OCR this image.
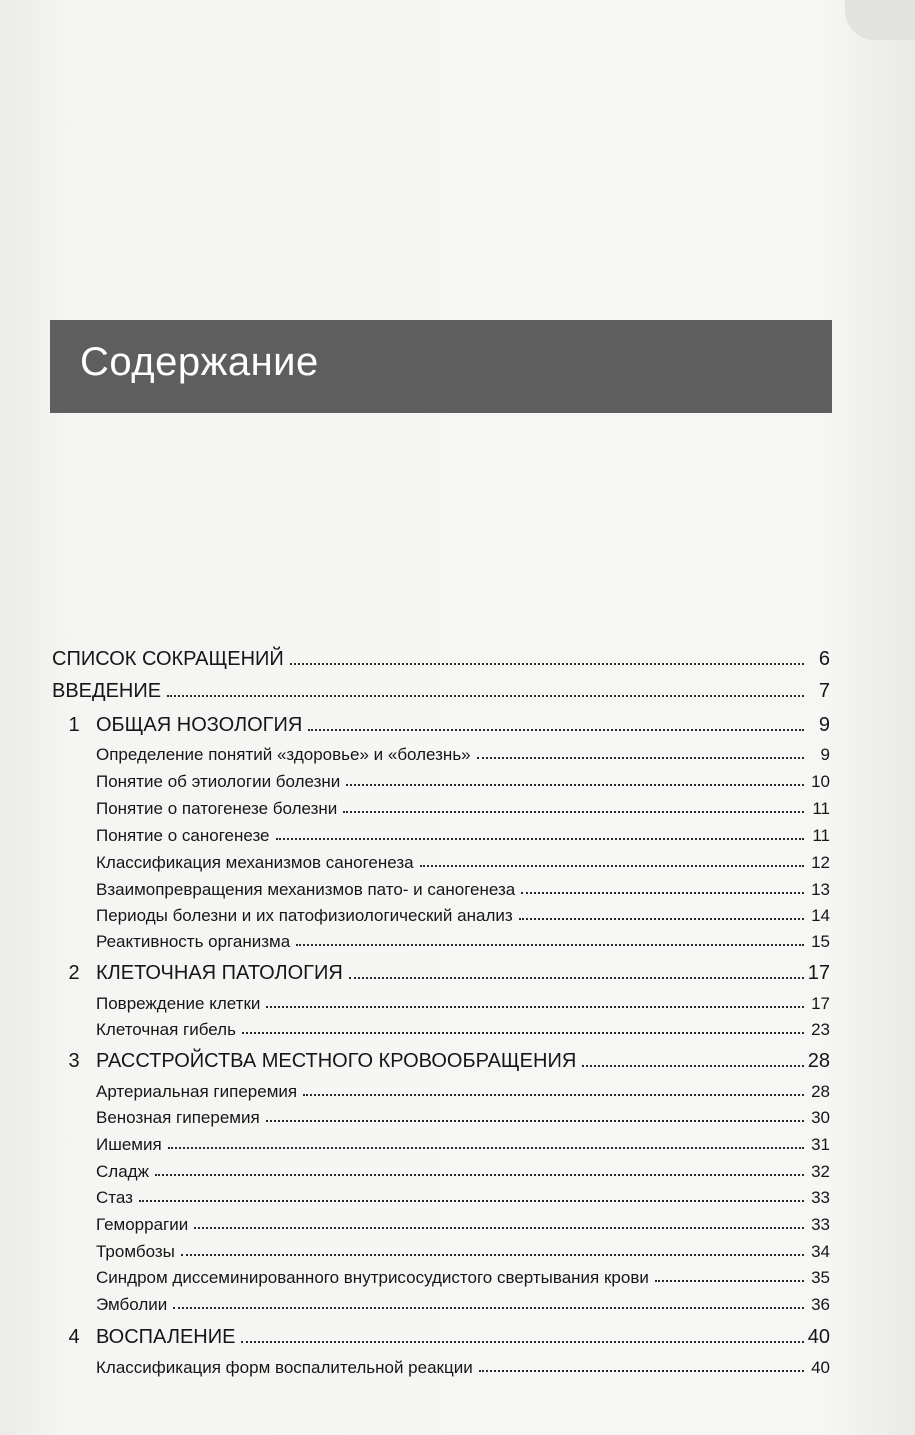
Содержание
СПИСОК СОКРАЩЕНИЙ	6
ВВЕДЕНИЕ	7
1 ОБЩАЯ НОЗОЛОГИЯ	9
Определение понятий «здоровье» и «болезнь»	9
Понятие об этиологии болезни	10
Понятие о патогенезе болезни	11
Понятие о саногенезе	11
Классификация механизмов саногенеза	12
Взаимопревращения механизмов пато- и саногенеза	13
Периоды болезни и их патофизиологический анализ	14
Реактивность организма	15
2 КЛЕТОЧНАЯ ПАТОЛОГИЯ	17
Повреждение клетки	17
Клеточная гибель	23
3 РАССТРОЙСТВА МЕСТНОГО КРОВООБРАЩЕНИЯ	28
Артериальная гиперемия	28
Венозная гиперемия	30
Ишемия	31
Сладж	32
Стаз	33
Геморрагии	33
Тромбозы	34
Синдром диссеминированного внутрисосудистого свертывания крови	35
Эмболии	36
4 ВОСПАЛЕНИЕ	40
Классификация форм воспалительной реакции	40
